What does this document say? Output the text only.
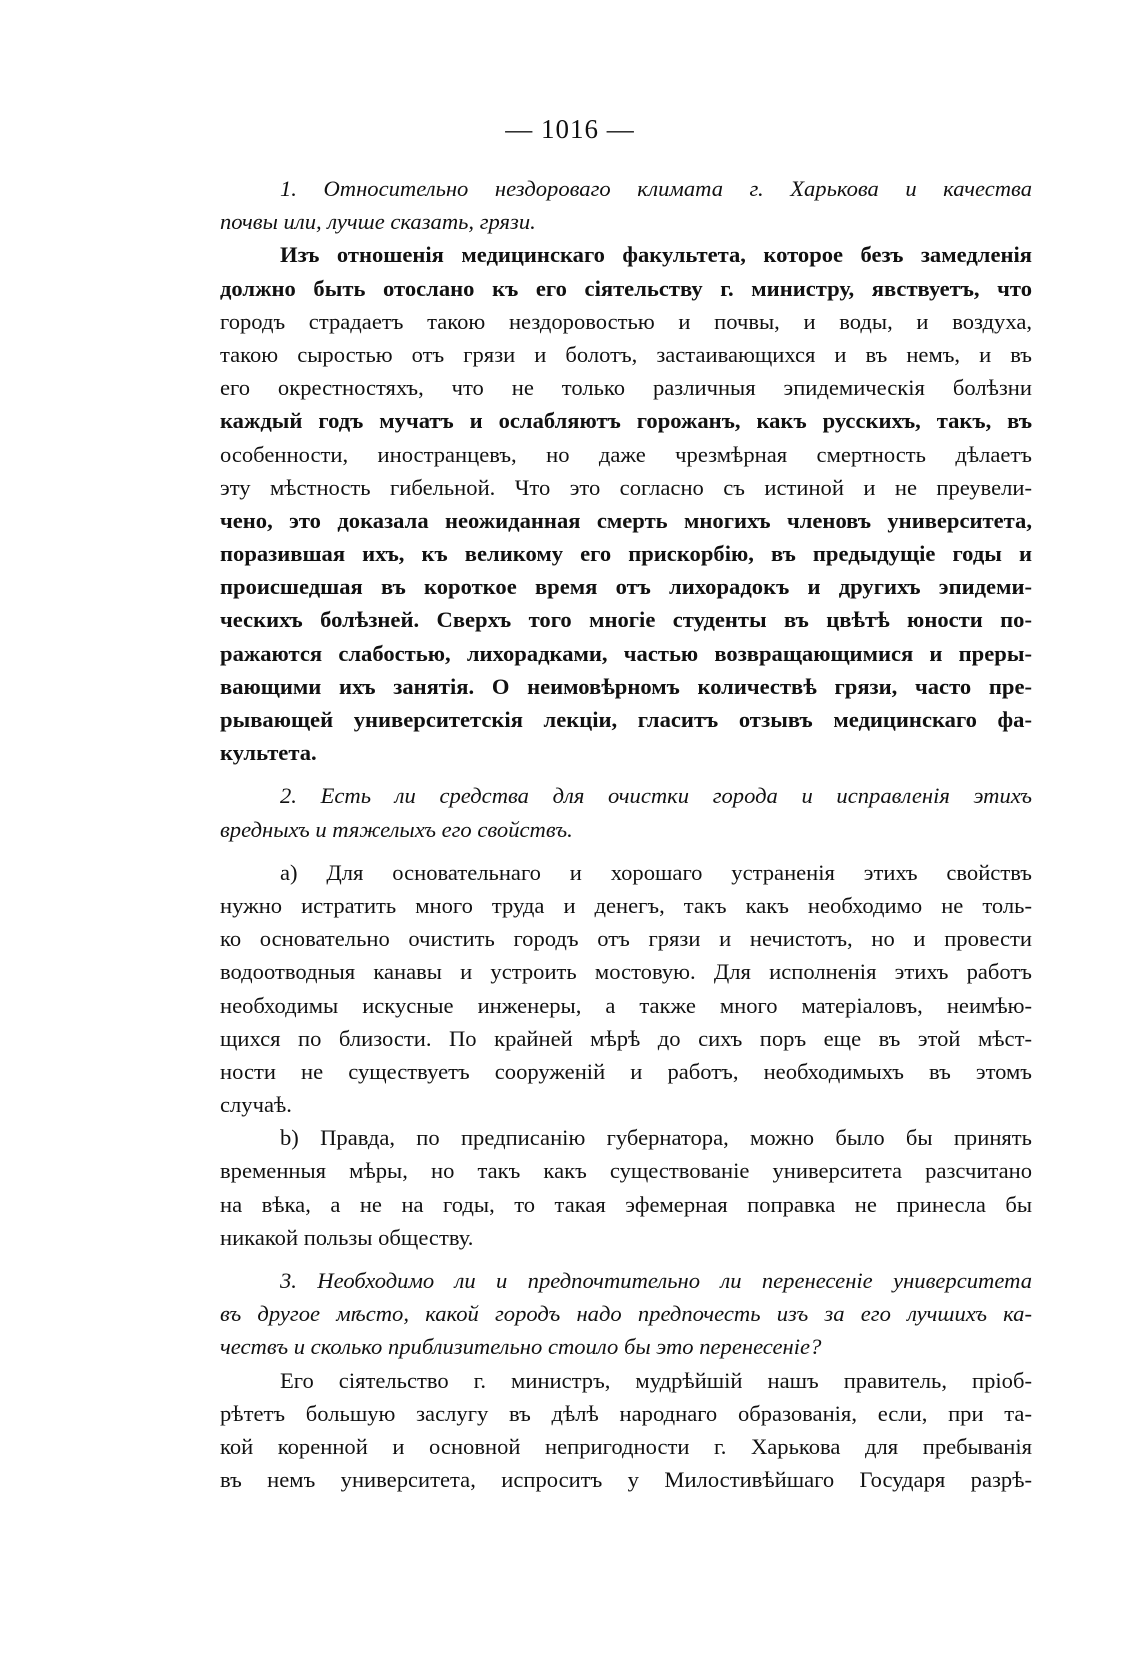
— 1016 —
1. Относительно нездороваго климата г. Харькова и качества
почвы или, лучше сказать, грязи.
Изъ отношенія медицинскаго факультета, которое безъ замедленія
должно быть отослано къ его сіятельству г. министру, явствуетъ, что
городъ страдаетъ такою нездоровостью и почвы, и воды, и воздуха,
такою сыростью отъ грязи и болотъ, застаивающихся и въ немъ, и въ
его окрестностяхъ, что не только различныя эпидемическія болѣзни
каждый годъ мучатъ и ослабляютъ горожанъ, какъ русскихъ, такъ, въ
особенности, иностранцевъ, но даже чрезмѣрная смертность дѣлаетъ
эту мѣстность гибельной. Что это согласно съ истиной и не преувели-
чено, это доказала неожиданная смерть многихъ членовъ университета,
поразившая ихъ, къ великому его прискорбію, въ предыдущіе годы и
происшедшая въ короткое время отъ лихорадокъ и другихъ эпидеми-
ческихъ болѣзней. Сверхъ того многіе студенты въ цвѣтѣ юности по-
ражаются слабостью, лихорадками, частью возвращающимися и преры-
вающими ихъ занятія. О неимовѣрномъ количествѣ грязи, часто пре-
рывающей университетскія лекціи, гласитъ отзывъ медицинскаго фа-
культета.
2. Есть ли средства для очистки города и исправленія этихъ
вредныхъ и тяжелыхъ его свойствъ.
a) Для основательнаго и хорошаго устраненія этихъ свойствъ
нужно истратить много труда и денегъ, такъ какъ необходимо не толь-
ко основательно очистить городъ отъ грязи и нечистотъ, но и провести
водоотводныя канавы и устроить мостовую. Для исполненія этихъ работъ
необходимы искусные инженеры, а также много матеріаловъ, неимѣю-
щихся по близости. По крайней мѣрѣ до сихъ поръ еще въ этой мѣст-
ности не существуетъ сооруженій и работъ, необходимыхъ въ этомъ
случаѣ.
b) Правда, по предписанію губернатора, можно было бы принять
временныя мѣры, но такъ какъ существованіе университета разсчитано
на вѣка, а не на годы, то такая эфемерная поправка не принесла бы
никакой пользы обществу.
3. Необходимо ли и предпочтительно ли перенесеніе университета
въ другое мѣсто, какой городъ надо предпочесть изъ за его лучшихъ ка-
чествъ и сколько приблизительно стоило бы это перенесеніе?
Его сіятельство г. министръ, мудрѣйшій нашъ правитель, пріоб-
рѣтетъ большую заслугу въ дѣлѣ народнаго образованія, если, при та-
кой коренной и основной непригодности г. Харькова для пребыванія
въ немъ университета, испроситъ у Милостивѣйшаго Государя разрѣ-
